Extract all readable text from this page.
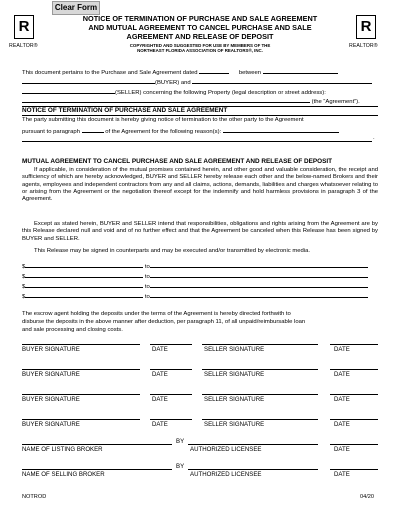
Clear Form
R
REALTOR®
R
REALTOR®
NOTICE OF TERMINATION OF PURCHASE AND SALE AGREEMENT
AND MUTUAL AGREEMENT TO CANCEL PURCHASE AND SALE
AGREEMENT AND RELEASE OF DEPOSIT
COPYRIGHTED AND SUGGESTED FOR USE BY MEMBERS OF THE
NORTHEAST FLORIDA ASSOCIATION OF REALTORS®, INC.
This document pertains to the Purchase and Sale Agreement dated	between
(BUYER) and
(SELLER) concerning the following Property (legal description or street address):
(the “Agreement”).
NOTICE OF TERMINATION OF PURCHASE AND SALE AGREEMENT
The party submitting this document is hereby giving notice of termination to the other party to the Agreement
pursuant to paragraph	of the Agreement for the following reason(s):
.
MUTUAL AGREEMENT TO CANCEL PURCHASE AND SALE AGREEMENT AND RELEASE OF DEPOSIT
If applicable, in consideration of the mutual promises contained herein, and other good and valuable consideration, the receipt and sufficiency of which are hereby acknowledged, BUYER and SELLER hereby release each other and the below-named Brokers and their agents, employees and independent contractors from any and all claims, actions, demands, liabilities and charges whatsoever relating to or arising from the Agreement or the negotiation thereof except for the indemnify and hold harmless provisions in paragraph 3 of the Agreement.
Except as stated herein, BUYER and SELLER intend that responsibilities, obligations and rights arising from the Agreement are by this Release declared null and void and of no further effect and that the Agreement be canceled when this Release has been signed by BUYER and SELLER.
This Release may be signed in counterparts and may be executed and/or transmitted by electronic media.
$	to
$	to
$	to
$	to
The escrow agent holding the deposits under the terms of the Agreement is hereby directed forthwith to
disburse the deposits in the above manner after deduction, per paragraph 11, of all unpaid/reimbursable loan
and sale processing and closing costs.
BUYER SIGNATURE	DATE	SELLER SIGNATURE	DATE
BUYER SIGNATURE	DATE	SELLER SIGNATURE	DATE
BUYER SIGNATURE	DATE	SELLER SIGNATURE	DATE
BUYER SIGNATURE	DATE	SELLER SIGNATURE	DATE
BY
NAME OF LISTING BROKER	AUTHORIZED LICENSEE	DATE
BY
NAME OF SELLING BROKER	AUTHORIZED LICENSEE	DATE
NOTROD	04/20
